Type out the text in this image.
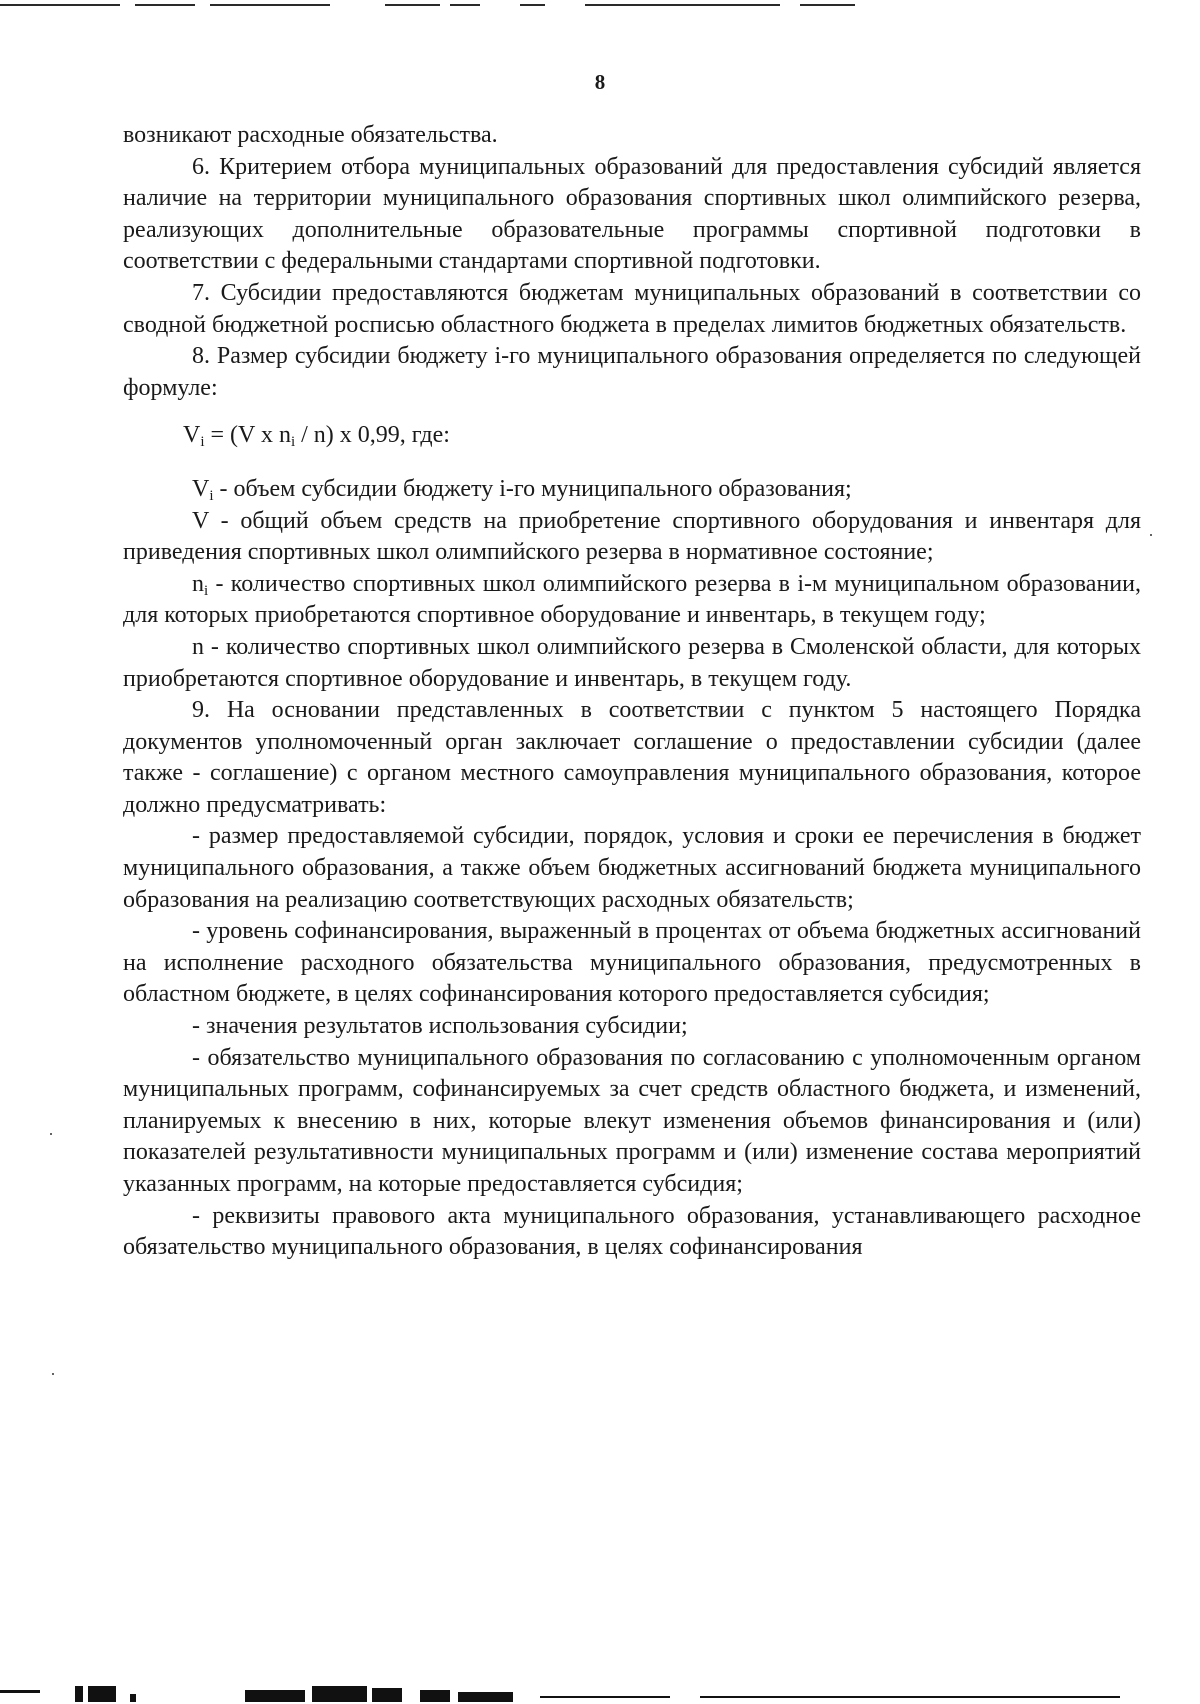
8

возникают расходные обязательства.

6. Критерием отбора муниципальных образований для предоставления субсидий является наличие на территории муниципального образования спортивных школ олимпийского резерва, реализующих дополнительные образовательные программы спортивной подготовки в соответствии с федеральными стандартами спортивной подготовки.

7. Субсидии предоставляются бюджетам муниципальных образований в соответствии со сводной бюджетной росписью областного бюджета в пределах лимитов бюджетных обязательств.

8. Размер субсидии бюджету i-го муниципального образования определяется по следующей формуле:

$V_i = (V$ x $n_i / n$) x 0,99, где:

$V_i$ - объем субсидии бюджету i-го муниципального образования;

V - общий объем средств на приобретение спортивного оборудования и инвентаря для приведения спортивных школ олимпийского резерва в нормативное состояние;

$n_i$ - количество спортивных школ олимпийского резерва в i-м муниципальном образовании, для которых приобретаются спортивное оборудование и инвентарь, в текущем году;

n - количество спортивных школ олимпийского резерва в Смоленской области, для которых приобретаются спортивное оборудование и инвентарь, в текущем году.

9. На основании представленных в соответствии с пунктом 5 настоящего Порядка документов уполномоченный орган заключает соглашение о предоставлении субсидии (далее также - соглашение) с органом местного самоуправления муниципального образования, которое должно предусматривать:

- размер предоставляемой субсидии, порядок, условия и сроки ее перечисления в бюджет муниципального образования, а также объем бюджетных ассигнований бюджета муниципального образования на реализацию соответствующих расходных обязательств;

- уровень софинансирования, выраженный в процентах от объема бюджетных ассигнований на исполнение расходного обязательства муниципального образования, предусмотренных в областном бюджете, в целях софинансирования которого предоставляется субсидия;

- значения результатов использования субсидии;

- обязательство муниципального образования по согласованию с уполномоченным органом муниципальных программ, софинансируемых за счет средств областного бюджета, и изменений, планируемых к внесению в них, которые влекут изменения объемов финансирования и (или) показателей результативности муниципальных программ и (или) изменение состава мероприятий указанных программ, на которые предоставляется субсидия;

- реквизиты правового акта муниципального образования, устанавливающего расходное обязательство муниципального образования, в целях софинансирования
